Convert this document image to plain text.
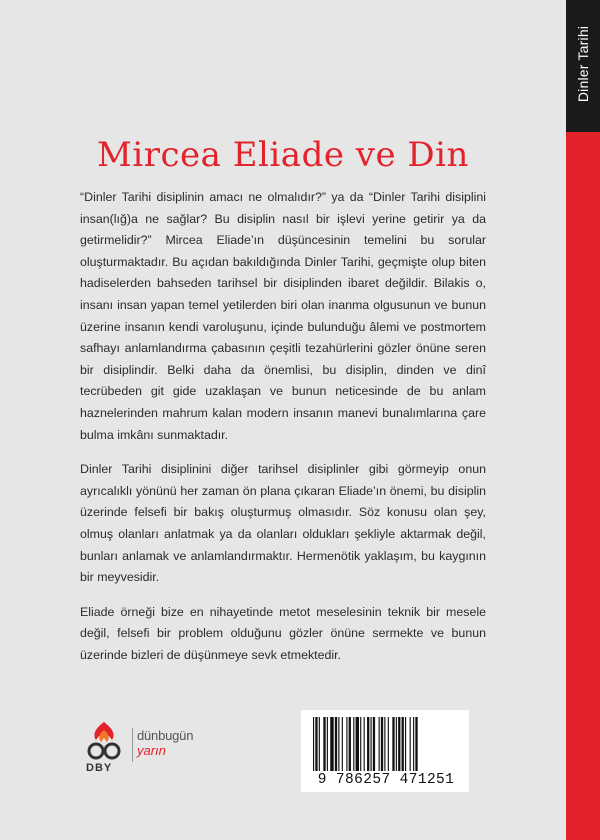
Dinler Tarihi
Mircea Eliade ve Din

“Dinler Tarihi disiplinin amacı ne olmalıdır?” ya da “Dinler Tarihi disiplini insan(lığ)a ne sağlar? Bu disiplin nasıl bir işlevi yerine getirir ya da getirmelidir?” Mircea Eliade’ın düşüncesinin temelini bu sorular oluşturmaktadır. Bu açıdan bakıldığında Dinler Tarihi, geçmişte olup biten hadiselerden bahseden tarihsel bir disiplinden ibaret değildir. Bilakis o, insanı insan yapan temel yetilerden biri olan inanma olgusunun ve bunun üzerine insanın kendi varoluşunu, içinde bulunduğu âlemi ve postmortem safhayı anlamlandırma çabasının çeşitli tezahürlerini gözler önüne seren bir disiplindir. Belki daha da önemlisi, bu disiplin, dinden ve dinî tecrübeden git gide uzaklaşan ve bunun neticesinde de bu anlam haznelerinden mahrum kalan modern insanın manevi bunalımlarına çare bulma imkânı sunmaktadır.

Dinler Tarihi disiplinini diğer tarihsel disiplinler gibi görmeyip onun ayrıcalıklı yönünü her zaman ön plana çıkaran Eliade’ın önemi, bu disiplin üzerinde felsefi bir bakış oluşturmuş olmasıdır. Söz konusu olan şey, olmuş olanları anlatmak ya da olanları oldukları şekliyle aktarmak değil, bunları anlamak ve anlamlandırmaktır. Hermenötik yaklaşım, bu kaygının bir meyvesidir.

Eliade örneği bize en nihayetinde metot meselesinin teknik bir mesele değil, felsefi bir problem olduğunu gözler önüne sermekte ve bunun üzerinde bizleri de düşünmeye sevk etmektedir.

dünbugün
yarın
DBY
9 786257 471251
